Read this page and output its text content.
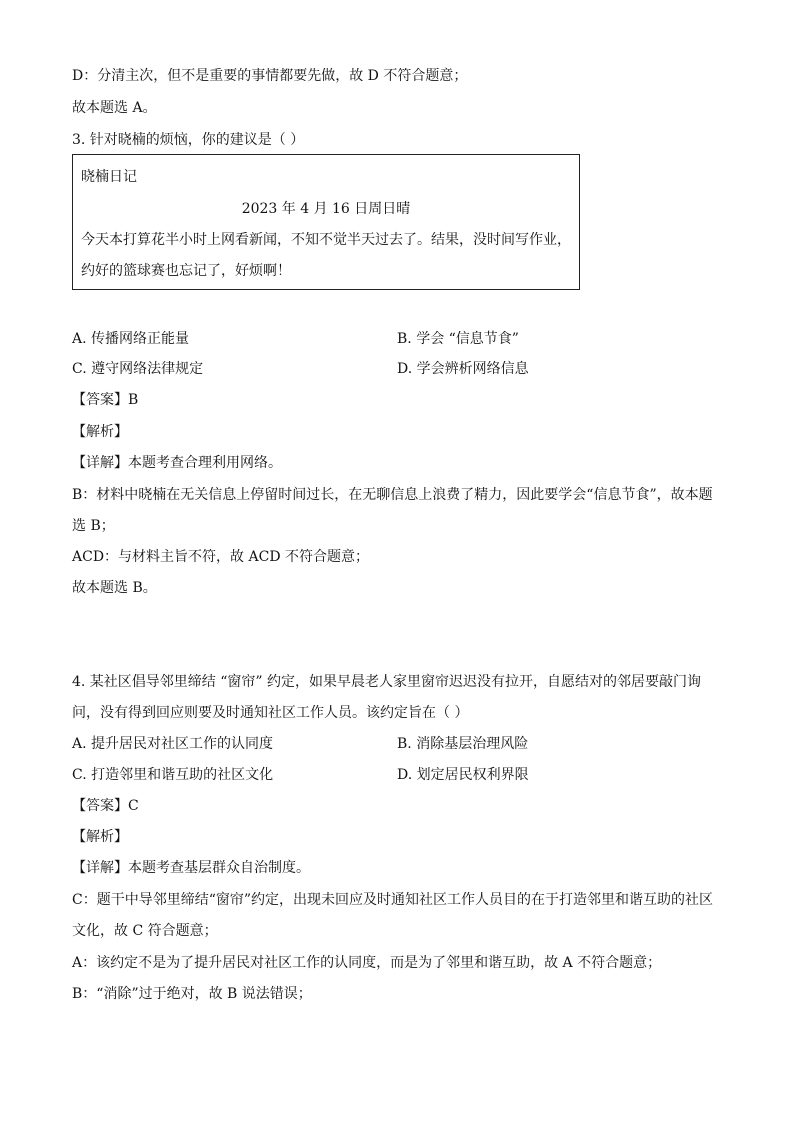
D：分清主次，但不是重要的事情都要先做，故 D 不符合题意；
故本题选 A。
3. 针对晓楠的烦恼，你的建议是（ ）
晓楠日记
2023 年 4 月 16 日周日晴
今天本打算花半小时上网看新闻，不知不觉半天过去了。结果，没时间写作业，
约好的篮球赛也忘记了，好烦啊！
A. 传播网络正能量	B. 学会 “信息节食”
C. 遵守网络法律规定	D. 学会辨析网络信息
【答案】B
【解析】
【详解】本题考查合理利用网络。
B：材料中晓楠在无关信息上停留时间过长，在无聊信息上浪费了精力，因此要学会“信息节食”，故本题
选 B；
ACD：与材料主旨不符，故 ACD 不符合题意；
故本题选 B。
4. 某社区倡导邻里缔结 “窗帘” 约定，如果早晨老人家里窗帘迟迟没有拉开，自愿结对的邻居要敲门询
问，没有得到回应则要及时通知社区工作人员。该约定旨在（ ）
A. 提升居民对社区工作的认同度	B. 消除基层治理风险
C. 打造邻里和谐互助的社区文化	D. 划定居民权利界限
【答案】C
【解析】
【详解】本题考查基层群众自治制度。
C：题干中导邻里缔结“窗帘”约定，出现未回应及时通知社区工作人员目的在于打造邻里和谐互助的社区
文化，故 C 符合题意；
A：该约定不是为了提升居民对社区工作的认同度，而是为了邻里和谐互助，故 A 不符合题意；
B：“消除”过于绝对，故 B 说法错误；
